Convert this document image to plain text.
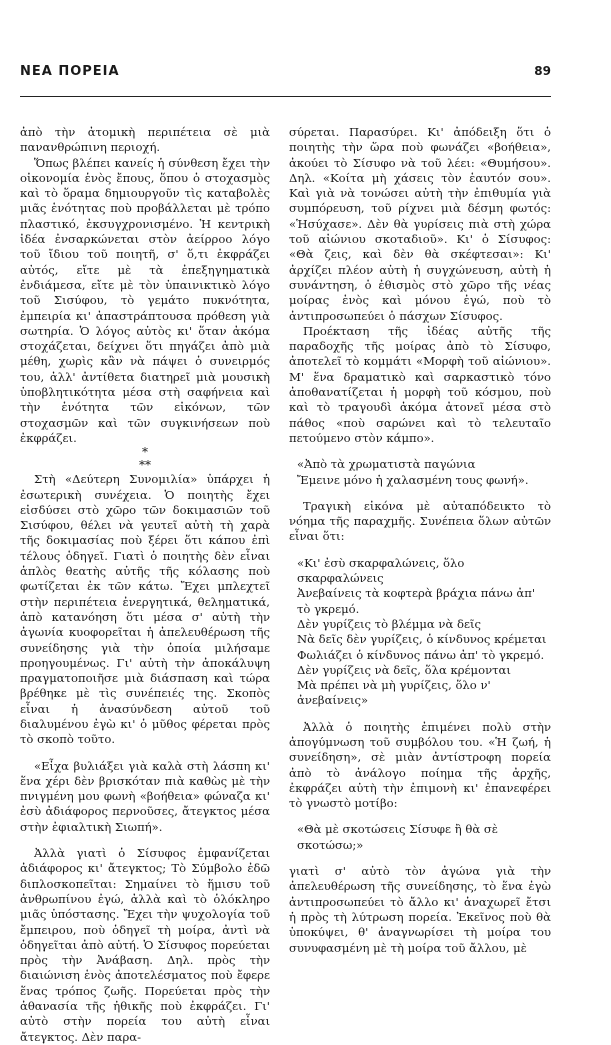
ΝΕΑ ΠΟΡΕΙΑ	89

ἀπὸ τὴν ἀτομικὴ περιπέτεια σὲ μιὰ πανανθρώπινη περιοχή.

Ὅπως βλέπει κανείς ἡ σύνθεση ἔχει τὴν οἰκονομία ἑνὸς ἔπους, ὅπου ὁ στοχασμὸς καὶ τὸ ὅραμα δημιουργοῦν τὶς καταβολὲς μιᾶς ἑνότητας ποὺ προβάλλεται μὲ τρόπο πλαστικό, ἐκσυγχρονισμένο. Ἡ κεντρικὴ ἰδέα ἐνσαρκώνεται στὸν ἀείρροο λόγο τοῦ ἴδιου τοῦ ποιητῆ, σ' ὅ,τι ἐκφράζει αὐτός, εἴτε μὲ τὰ ἐπεξηγηματικὰ ἐνδιάμεσα, εἴτε μὲ τὸν ὑπαινικτικὸ λόγο τοῦ Σισύφου, τὸ γεμάτο πυκνότητα, ἐμπειρία κι' ἀπαστράπτουσα πρόθεση γιὰ σωτηρία. Ὁ λόγος αὐτὸς κι' ὅταν ἀκόμα στοχάζεται, δείχνει ὅτι πηγάζει ἀπὸ μιὰ μέθη, χωρὶς κἂν νὰ πάψει ὁ συνειρμός του, ἀλλ' ἀντίθετα διατηρεῖ μιὰ μουσικὴ ὑποβλητικότητα μέσα στὴ σαφήνεια καὶ τὴν ἑνότητα τῶν εἰκόνων, τῶν στοχασμῶν καὶ τῶν συγκινήσεων ποὺ ἐκφράζει.

*
**

Στὴ «Δεύτερη Συνομιλία» ὑπάρχει ἡ ἐσωτερικὴ συνέχεια. Ὁ ποιητὴς ἔχει εἰσδύσει στὸ χῶρο τῶν δοκιμασιῶν τοῦ Σισύφου, θέλει νὰ γευτεῖ αὐτὴ τὴ χαρὰ τῆς δοκιμασίας ποὺ ξέρει ὅτι κάπου ἐπὶ τέλους ὁδηγεῖ. Γιατὶ ὁ ποιητὴς δὲν εἶναι ἁπλὸς θεατὴς αὐτῆς τῆς κόλασης ποὺ φωτίζεται ἐκ τῶν κάτω. Ἔχει μπλεχτεῖ στὴν περιπέτεια ἐνεργητικά, θεληματικά, ἀπὸ κατανόηση ὅτι μέσα σ' αὐτὴ τὴν ἀγωνία κυοφορεῖται ἡ ἀπελευθέρωση τῆς συνείδησης γιὰ τὴν ὁποία μιλήσαμε προηγουμένως. Γι' αὐτὴ τὴν ἀποκάλυψη πραγματοποιῆσε μιὰ διάσπαση καὶ τώρα βρέθηκε μὲ τὶς συνέπειές της. Σκοπὸς εἶναι ἡ ἀνασύνδεση αὐτοῦ τοῦ διαλυμένου ἐγὼ κι' ὁ μῦθος φέρεται πρὸς τὸ σκοπὸ τοῦτο.

«Εἶχα βυλιάξει γιὰ καλὰ στὴ λάσπη κι' ἕνα χέρι δὲν βρισκόταν πιὰ καθὼς μὲ τὴν πνιγμένη μου φωνὴ «βοήθεια» φώναζα κι' ἐσὺ ἀδιάφορος περνοῦσες, ἄτεγκτος μέσα στὴν ἐφιαλτικὴ Σιωπή».

Ἀλλὰ γιατὶ ὁ Σίσυφος ἐμφανίζεται ἀδιάφορος κι' ἄτεγκτος; Τὸ Σύμβολο ἐδῶ διπλοσκοπεῖται: Σημαίνει τὸ ἥμισυ τοῦ ἀνθρωπίνου ἐγώ, ἀλλὰ καὶ τὸ ὁλόκληρο μιᾶς ὑπόστασης. Ἔχει τὴν ψυχολογία τοῦ ἔμπειρου, ποὺ ὁδηγεῖ τὴ μοίρα, ἀντὶ νὰ ὁδηγεῖται ἀπὸ αὐτή. Ὁ Σίσυφος πορεύεται πρὸς τὴν Ἀνάβαση. Δηλ. πρὸς τὴν διαιώνιση ἑνὸς ἀποτελέσματος ποὺ ἔφερε ἕνας τρόπος ζωῆς. Πορεύεται πρὸς τὴν ἀθανασία τῆς ἠθικῆς ποὺ ἐκφράζει. Γι' αὐτὸ στὴν πορεία του αὐτὴ εἶναι ἄτεγκτος. Δὲν παρα-

σύρεται. Παρασύρει. Κι' ἀπόδειξη ὅτι ὁ ποιητὴς τὴν ὥρα ποὺ φωνάζει «βοήθεια», ἀκούει τὸ Σίσυφο νὰ τοῦ λέει: «Θυμήσου». Δηλ. «Κοίτα μὴ χάσεις τὸν ἑαυτόν σου». Καὶ γιὰ νὰ τονώσει αὐτὴ τὴν ἐπιθυμία γιὰ συμπόρευση, τοῦ ρίχνει μιὰ δέσμη φωτός: «Ἡσύχασε». Δὲν θὰ γυρίσεις πιὰ στὴ χώρα τοῦ αἰώνιου σκοταδιοῦ». Κι' ὁ Σίσυφος: «Θὰ ζεις, καὶ δὲν θὰ σκέφτεσαι»: Κι' ἀρχίζει πλέον αὐτὴ ἡ συγχώνευση, αὐτὴ ἡ συνάντηση, ὁ ἐθισμὸς στὸ χῶρο τῆς νέας μοίρας ἑνὸς καὶ μόνου ἐγώ, ποὺ τὸ ἀντιπροσωπεύει ὁ πάσχων Σίσυφος.

Προέκταση τῆς ἰδέας αὐτῆς τῆς παραδοχῆς τῆς μοίρας ἀπὸ τὸ Σίσυφο, ἀποτελεῖ τὸ κομμάτι «Μορφὴ τοῦ αἰώνιου». Μ' ἕνα δραματικὸ καὶ σαρκαστικὸ τόνο ἀποθανατίζεται ἡ μορφὴ τοῦ κόσμου, ποὺ καὶ τὸ τραγουδὶ ἀκόμα ἀτονεῖ μέσα στὸ πάθος «ποὺ σαρώνει καὶ τὸ τελευταῖο πετούμενο στὸν κάμπο».

«Ἀπὸ τὰ χρωματιστὰ παγώνια
Ἔμεινε μόνο ἡ χαλασμένη τους φωνή».

Τραγικὴ εἰκόνα μὲ αὐταπόδεικτο τὸ νόημα τῆς παραχμῆς. Συνέπεια ὅλων αὐτῶν εἶναι ὅτι:

«Κι' ἐσὺ σκαρφαλώνεις, ὅλο σκαρφαλώνεις
Ἀνεβαίνεις τὰ κοφτερὰ βράχια πάνω ἀπ' τὸ γκρεμό.
Δὲν γυρίζεις τὸ βλέμμα νὰ δεῖς
Νὰ δεῖς δὲν γυρίζεις, ὁ κίνδυνος κρέμεται
Φωλιάζει ὁ κίνδυνος πάνω ἀπ' τὸ γκρεμό.
Δὲν γυρίζεις νὰ δεῖς, ὅλα κρέμονται
Μὰ πρέπει νὰ μὴ γυρίζεις, ὅλο ν' ἀνεβαίνεις»

Ἀλλὰ ὁ ποιητὴς ἐπιμένει πολὺ στὴν ἀπογύμνωση τοῦ συμβόλου του. «Ἡ ζωή, ἡ συνείδηση», σὲ μιὰν ἀντίστροφη πορεία ἀπὸ τὸ ἀνάλογο ποίημα τῆς ἀρχῆς, ἐκφράζει αὐτὴ τὴν ἐπιμονὴ κι' ἐπανεφέρει τὸ γνωστὸ μοτίβο:

«Θὰ μὲ σκοτώσεις Σίσυφε ἢ θὰ σὲ σκοτώσω;»

γιατὶ σ' αὐτὸ τὸν ἀγώνα γιὰ τὴν ἀπελευθέρωση τῆς συνείδησης, τὸ ἕνα ἐγὼ ἀντιπροσωπεύει τὸ ἄλλο κι' ἀναχωρεῖ ἔτσι ἡ πρὸς τὴ λύτρωση πορεία. Ἐκεῖνος ποὺ θὰ ὑποκύψει, θ' ἀναγνωρίσει τὴ μοίρα του συνυφασμένη μὲ τὴ μοίρα τοῦ ἄλλου, μὲ
